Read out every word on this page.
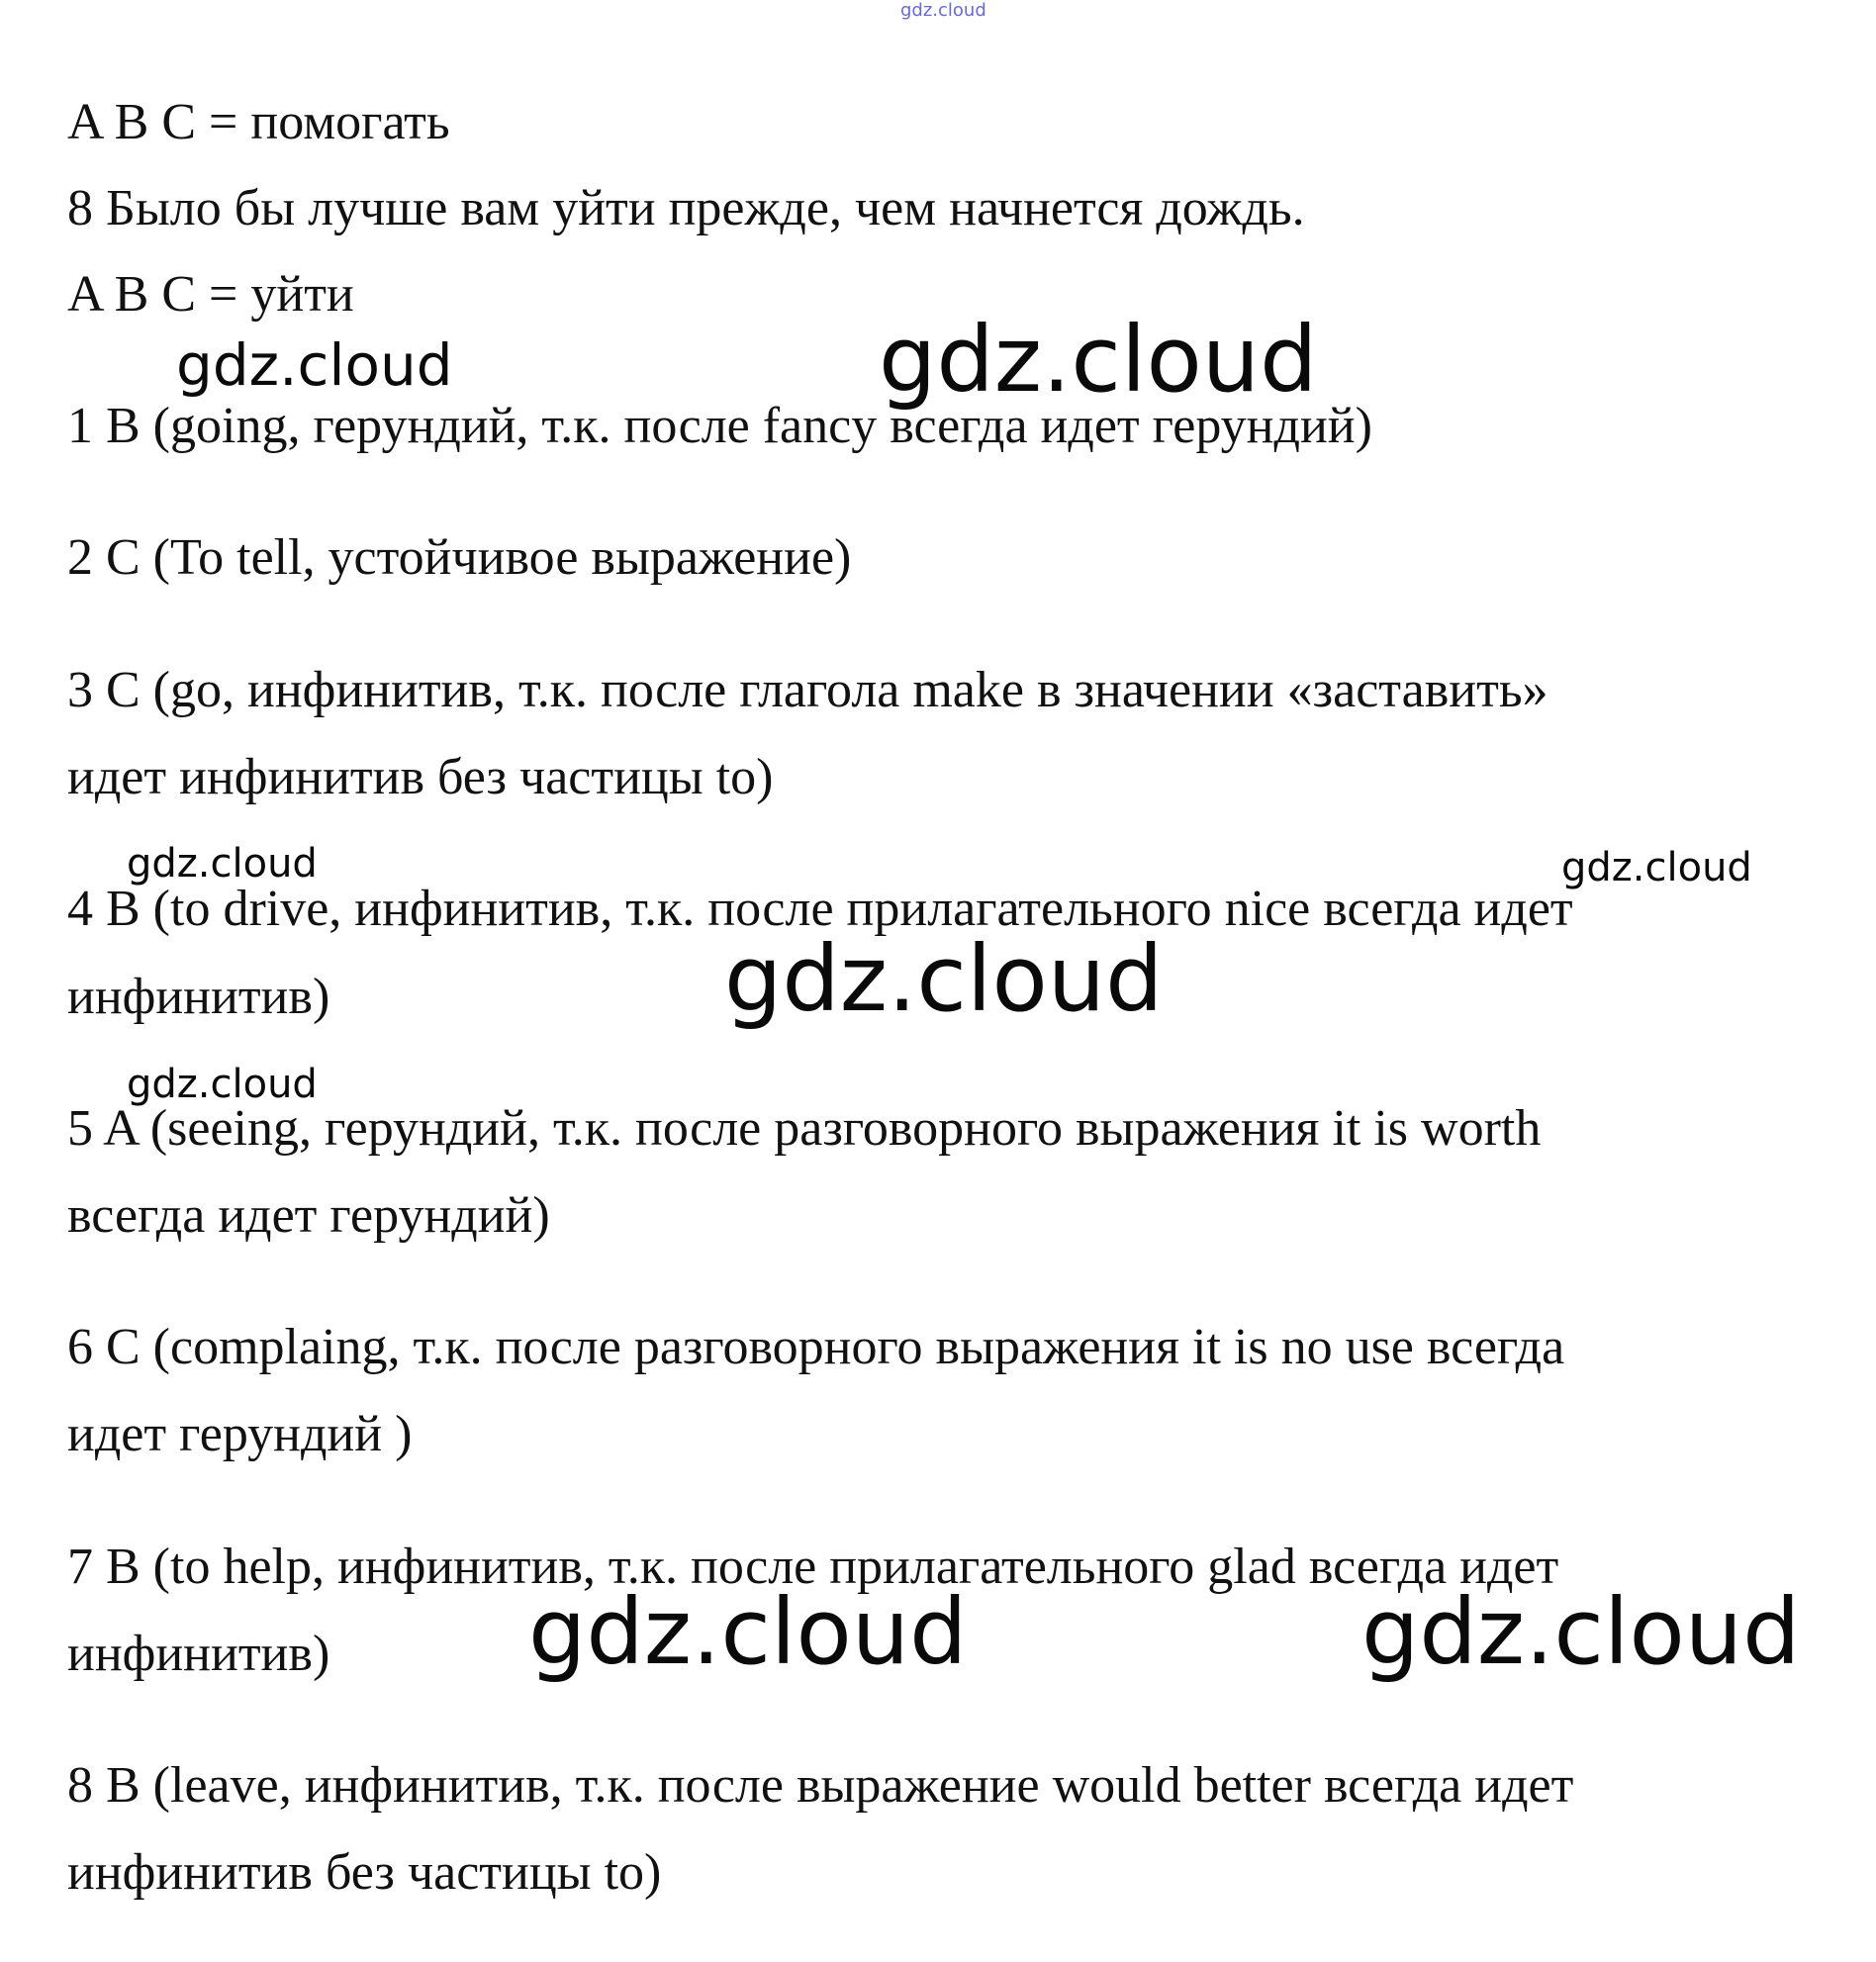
gdz.cloud
gdz.cloud	gdz.cloud
gdz.cloud	gdz.cloud
gdz.cloud
gdz.cloud
gdz.cloud	gdz.cloud
A B C = помогать
8 Было бы лучше вам уйти прежде, чем начнется дождь.
A B C = уйти
1 B (going, герундий, т.к. после fancy всегда идет герундий)
2 C (To tell, устойчивое выражение)
3 C (go, инфинитив, т.к. после глагола make в значении «заставить»
идет инфинитив без частицы to)
4 B (to drive, инфинитив, т.к. после прилагательного nice всегда идет
инфинитив)
5 A (seeing, герундий, т.к. после разговорного выражения it is worth
всегда идет герундий)
6 C (complaing, т.к. после разговорного выражения it is no use всегда
идет герундий )
7 B (to help, инфинитив, т.к. после прилагательного glad всегда идет
инфинитив)
8 B (leave, инфинитив, т.к. после выражение would better всегда идет
инфинитив без частицы to)
